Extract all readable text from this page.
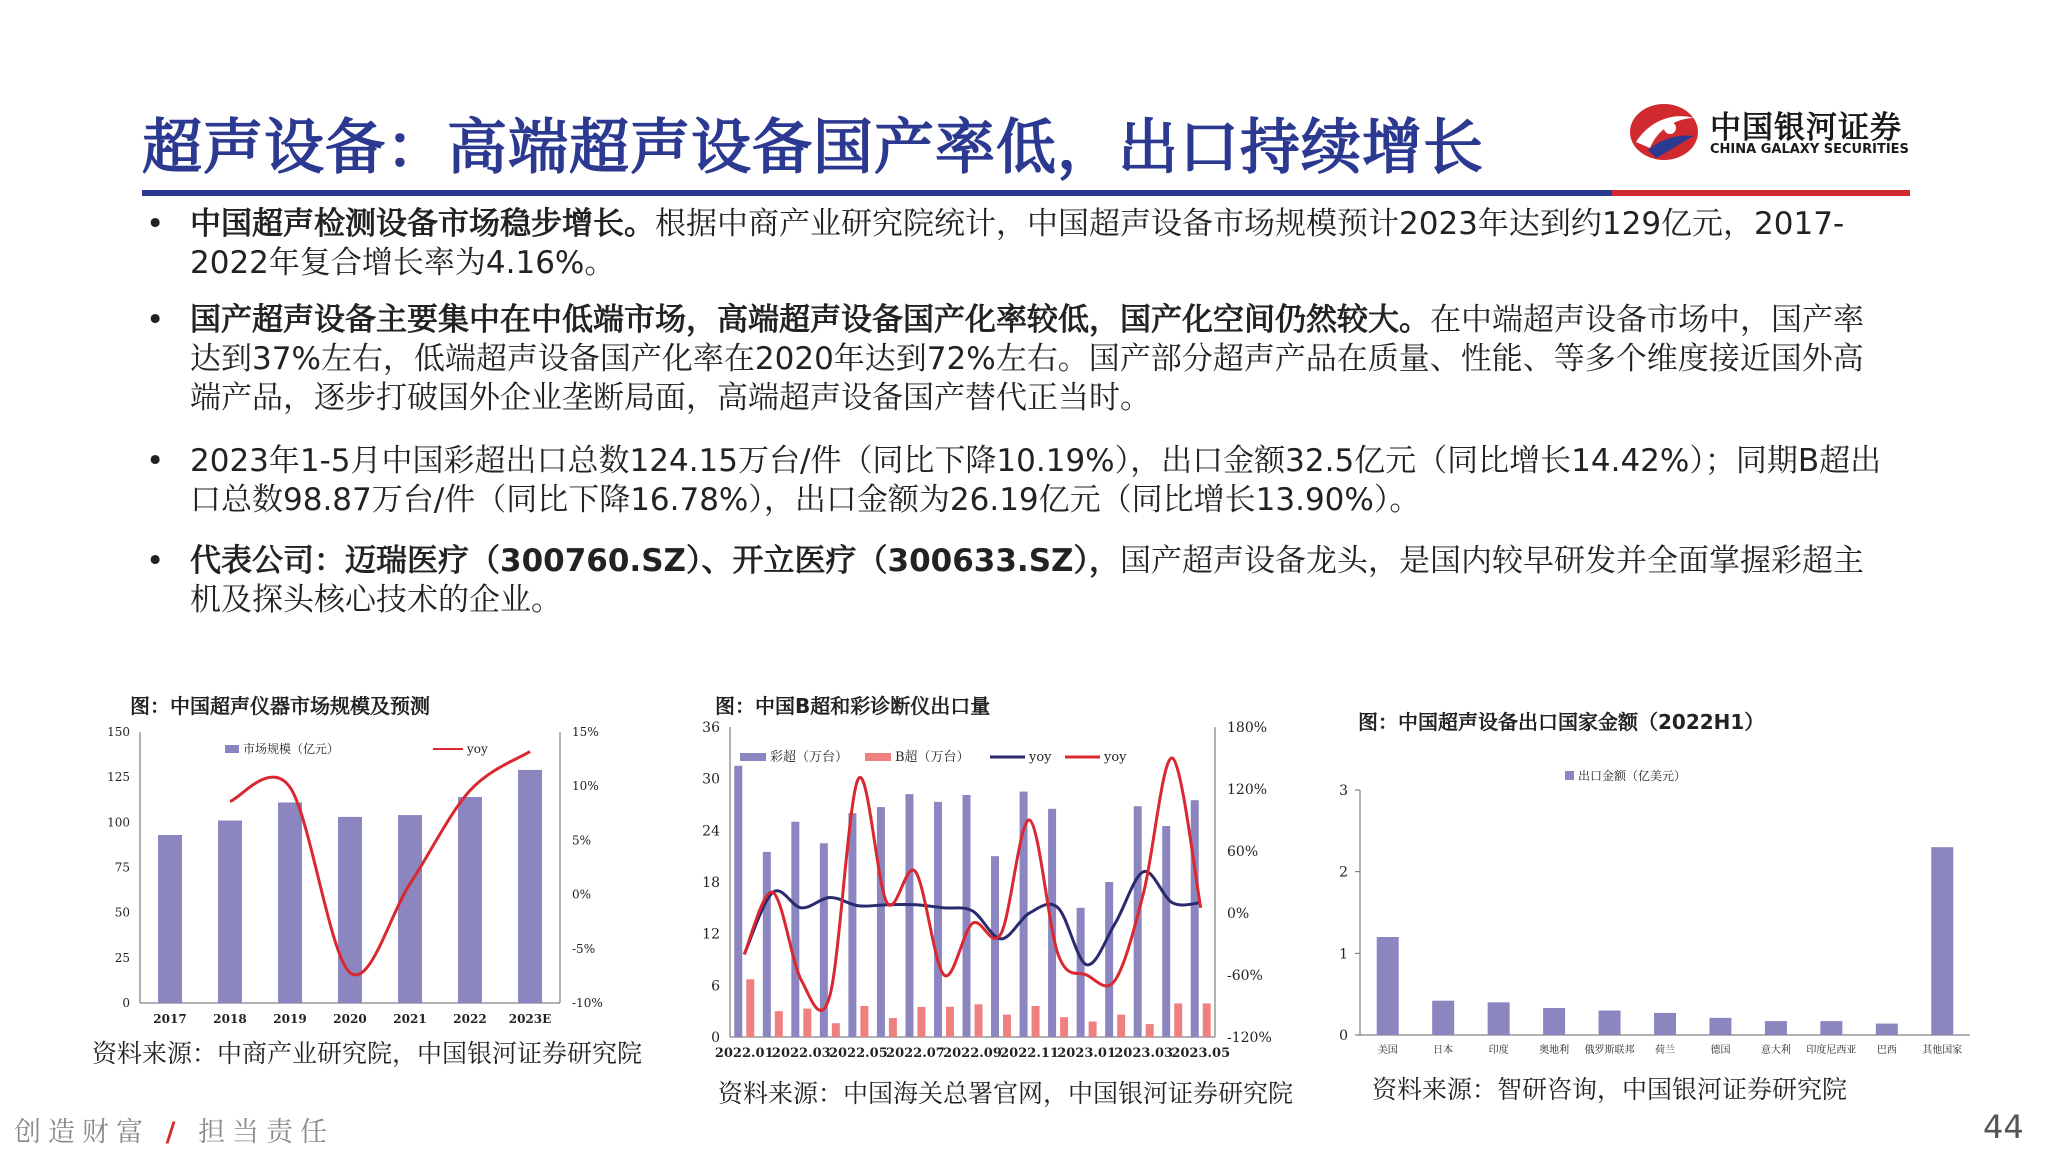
超声设备：高端超声设备国产率低，出口持续增长	中国银河证券
CHINA GALAXY SECURITIES
• 中国超声检测设备市场稳步增长。根据中商产业研究院统计，中国超声设备市场规模预计2023年达到约129亿元，2017-2022年复合增长率为4.16%。
• 国产超声设备主要集中在中低端市场，高端超声设备国产化率较低，国产化空间仍然较大。在中端超声设备市场中，国产率达到37%左右，低端超声设备国产化率在2020年达到72%左右。国产部分超声产品在质量、性能、等多个维度接近国外高端产品，逐步打破国外企业垄断局面，高端超声设备国产替代正当时。
• 2023年1-5月中国彩超出口总数124.15万台/件（同比下降10.19%），出口金额32.5亿元（同比增长14.42%）；同期B超出口总数98.87万台/件（同比下降16.78%），出口金额为26.19亿元（同比增长13.90%）。
• 代表公司：迈瑞医疗（300760.SZ）、开立医疗（300633.SZ），国产超声设备龙头，是国内较早研发并全面掌握彩超主机及探头核心技术的企业。
图：中国超声仪器市场规模及预测
0
25
50
75
100
125
150
-10%
-5%
0%
5%
10%
15%
2017 2018 2019 2020 2021 2022 2023E
市场规模（亿元）	yoy
资料来源：中商产业研究院，中国银河证券研究院
图：中国B超和彩诊断仪出口量
0
6
12
18
24
30
36
-120%
-60%
0%
60%
120%
180%
2022.01
2022.03
2022.05
2022.07
2022.09
2022.11
2023.01
2023.03
2023.05
彩超（万台）	B超（万台）	yoy	yoy
资料来源：中国海关总署官网，中国银河证券研究院
图：中国超声设备出口国家金额（2022H1）
0
1
2
3
美国	日本	印度	奥地利 俄罗斯联邦 荷兰	德国	意大利 印度尼西亚 巴西	其他国家
出口金额（亿美元）
资料来源：智研咨询，中国银河证券研究院
创造财富 / 担当责任	44
